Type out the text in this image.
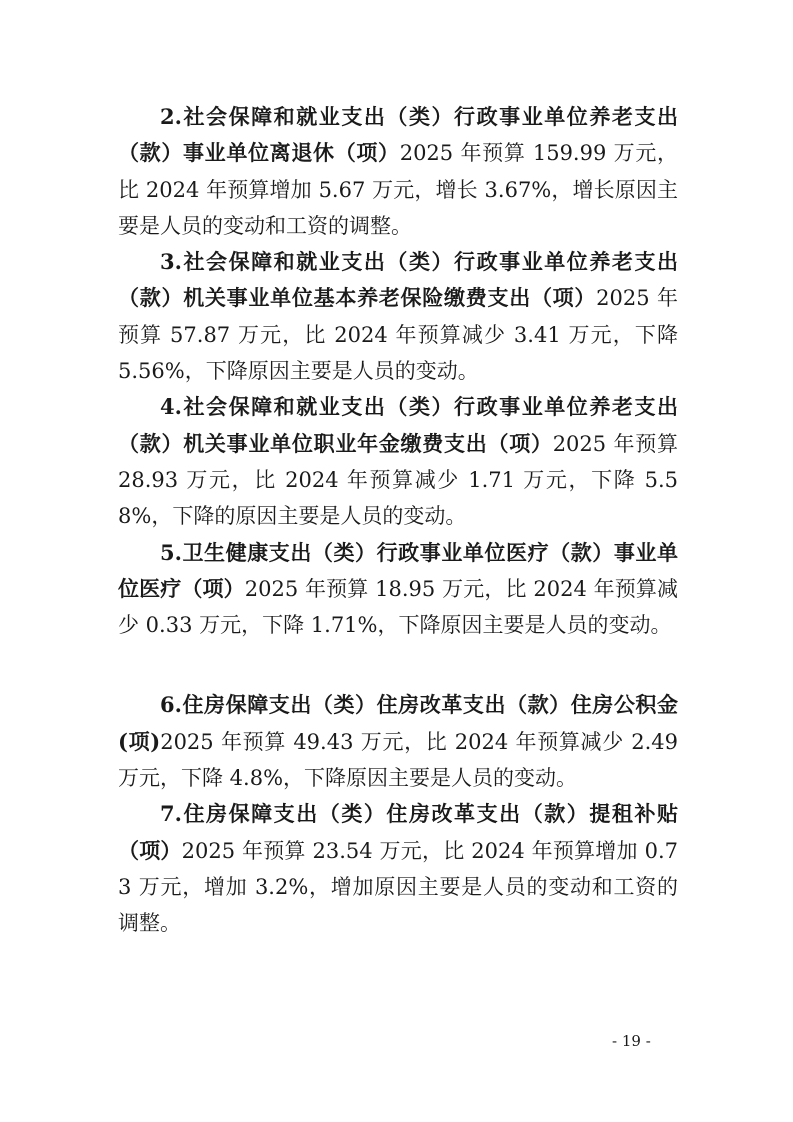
2.社会保障和就业支出（类）行政事业单位养老支出（款）事业单位离退休（项）2025 年预算 159.99 万元，比 2024 年预算增加 5.67 万元，增长 3.67%，增长原因主要是人员的变动和工资的调整。

3.社会保障和就业支出（类）行政事业单位养老支出（款）机关事业单位基本养老保险缴费支出（项）2025 年预算 57.87 万元，比 2024 年预算减少 3.41 万元，下降 5.56%，下降原因主要是人员的变动。

4.社会保障和就业支出（类）行政事业单位养老支出（款）机关事业单位职业年金缴费支出（项）2025 年预算 28.93 万元，比 2024 年预算减少 1.71 万元，下降 5.58%，下降的原因主要是人员的变动。

5.卫生健康支出（类）行政事业单位医疗（款）事业单位医疗（项）2025 年预算 18.95 万元，比 2024 年预算减少 0.33 万元，下降 1.71%，下降原因主要是人员的变动。

6.住房保障支出（类）住房改革支出（款）住房公积金(项)2025 年预算 49.43 万元，比 2024 年预算减少 2.49 万元，下降 4.8%，下降原因主要是人员的变动。

7.住房保障支出（类）住房改革支出（款）提租补贴（项）2025 年预算 23.54 万元，比 2024 年预算增加 0.73 万元，增加 3.2%，增加原因主要是人员的变动和工资的调整。

- 19 -
